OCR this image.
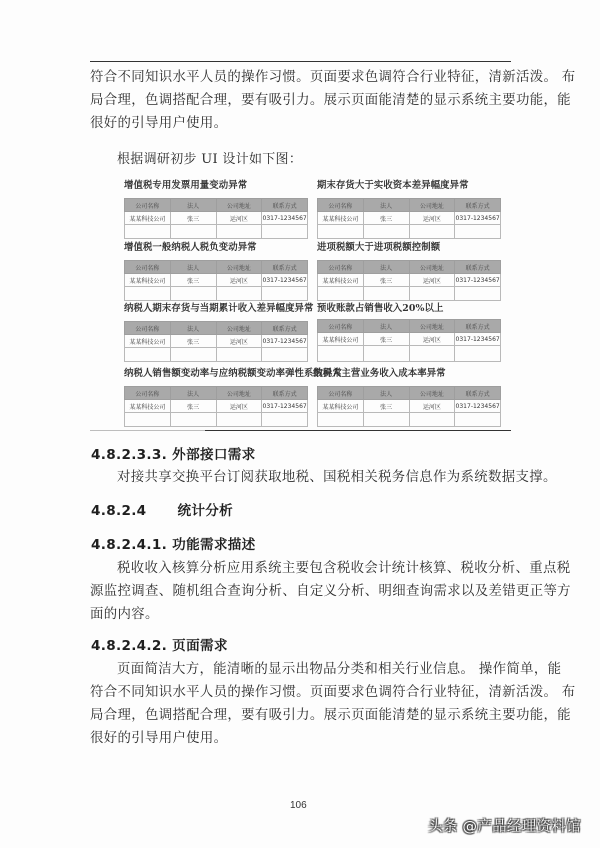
符合不同知识水平人员的操作习惯。页面要求色调符合行业特征，清新活泼。 布
局合理，色调搭配合理，要有吸引力。展示页面能清楚的显示系统主要功能，能
很好的引导用户使用。
根据调研初步 UI 设计如下图：
增值税专用发票用量变动异常
公司名称	法人	公司地址	联系方式
某某科技公司	张三	运河区	0317-1234567

期末存货大于实收资本差异幅度异常
公司名称	法人	公司地址	联系方式
某某科技公司	张三	运河区	0317-1234567

增值税一般纳税人税负变动异常
公司名称	法人	公司地址	联系方式
某某科技公司	张三	运河区	0317-1234567

进项税额大于进项税额控制额
公司名称	法人	公司地址	联系方式
某某科技公司	张三	运河区	0317-1234567

纳税人期末存货与当期累计收入差异幅度异常
公司名称	法人	公司地址	联系方式
某某科技公司	张三	运河区	0317-1234567

预收账款占销售收入20%以上
公司名称	法人	公司地址	联系方式
某某科技公司	张三	运河区	0317-1234567

纳税人销售额变动率与应纳税额变动率弹性系数异常
公司名称	法人	公司地址	联系方式
某某科技公司	张三	运河区	0317-1234567

纳税人主营业务收入成本率异常
公司名称	法人	公司地址	联系方式
某某科技公司	张三	运河区	0317-1234567

4.8.2.3.3. 外部接口需求
对接共享交换平台订阅获取地税、国税相关税务信息作为系统数据支撑。
4.8.2.4 统计分析
4.8.2.4.1. 功能需求描述
税收收入核算分析应用系统主要包含税收会计统计核算、税收分析、重点税
源监控调查、随机组合查询分析、自定义分析、明细查询需求以及差错更正等方
面的内容。
4.8.2.4.2. 页面需求
页面简洁大方，能清晰的显示出物品分类和相关行业信息。 操作简单，能
符合不同知识水平人员的操作习惯。页面要求色调符合行业特征，清新活泼。 布
局合理，色调搭配合理，要有吸引力。展示页面能清楚的显示系统主要功能，能
很好的引导用户使用。
106
头条 @产品经理资料馆
